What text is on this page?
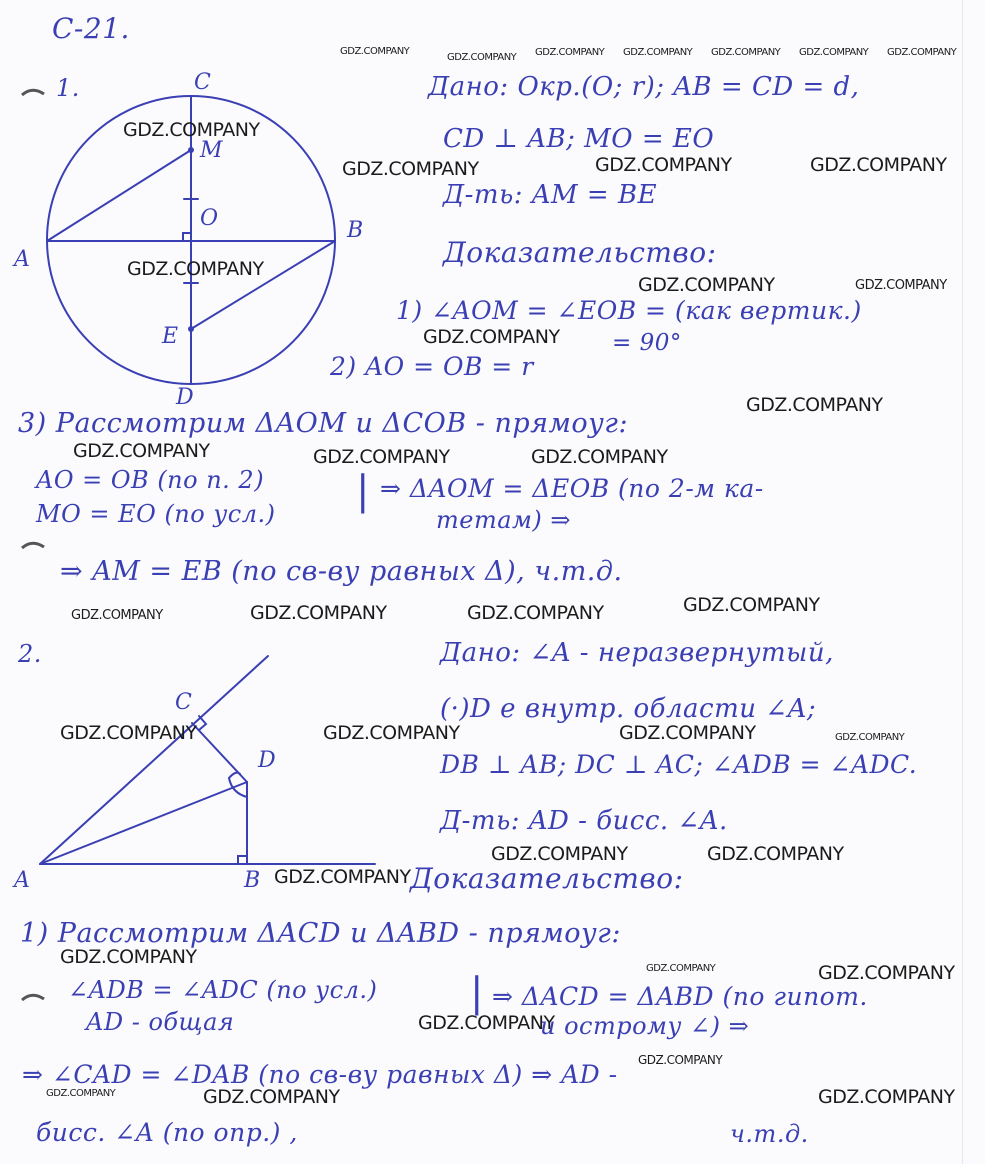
С-21.
1.	C
M
O
A
B
E
D
Дано: Окр.(O; r); AB = CD = d,
CD ⊥ AB; MO = EO
Д-ть: AM = BE
Доказательство:
1) ∠AOM = ∠EOB = (как вертик.)
= 90°
2) AO = OB = r
3) Рассмотрим ΔAOM и ΔCOB - прямоуг:
AO = OB (по п. 2)
MO = EO (по усл.) | ⇒ ΔAOM = ΔEOB (по 2-м ка-
тетам) ⇒
⇒ AM = EB (по св-ву равных Δ), ч.т.д.
2.
C
D
A	B
Дано: ∠A - неразвернутый,
(·)D e внутр. области ∠A;
DB ⊥ AB; DC ⊥ AC; ∠ADB = ∠ADC.
Д-ть: AD - бисс. ∠A.
Доказательство:
1) Рассмотрим ΔACD и ΔABD - прямоуг:
∠ADB = ∠ADC (по усл.)
AD - общая
| ⇒ ΔACD = ΔABD (по гипот.
и острому ∠) ⇒
⇒ ∠CAD = ∠DAB (по св-ву равных Δ) ⇒ AD -
бисс. ∠A (по опр.) ,	ч.т.д.
GDZ.COMPANY
GDZ.COMPANY GDZ.COMPANY GDZ.COMPANY GDZ.COMPANY GDZ.COMPANY GDZ.COMPANY
GDZ.COMPANY
GDZ.COMPANY	GDZ.COMPANY	GDZ.COMPANY
GDZ.COMPANY
GDZ.COMPANY	GDZ.COMPANY
GDZ.COMPANY
GDZ.COMPANY
GDZ.COMPANY	GDZ.COMPANY	GDZ.COMPANY
GDZ.COMPANY
GDZ.COMPANY	GDZ.COMPANY	GDZ.COMPANY
GDZ.COMPANY	GDZ.COMPANY	GDZ.COMPANY	GDZ.COMPANY
GDZ.COMPANY	GDZ.COMPANY
GDZ.COMPANY
GDZ.COMPANY
GDZ.COMPANY	GDZ.COMPANY
GDZ.COMPANY
GDZ.COMPANY
GDZ.COMPANY	GDZ.COMPANY	GDZ.COMPANY
